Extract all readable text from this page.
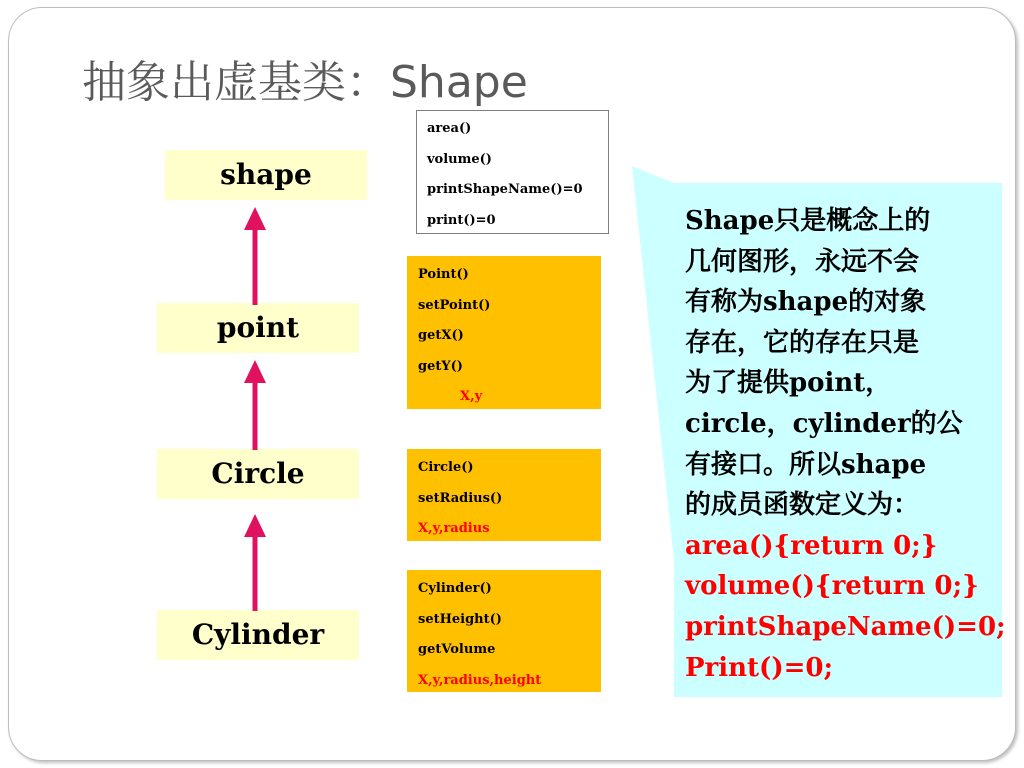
抽象出虚基类：Shape
shape
point
Circle
Cylinder
area()
volume()
printShapeName()=0
print()=0
Point()
setPoint()
getX()
getY()
X,y
Circle()
setRadius()
X,y,radius
Cylinder()
setHeight()
getVolume
X,y,radius,height
Shape只是概念上的
几何图形，永远不会
有称为shape的对象
存在，它的存在只是
为了提供point，
circle，cylinder的公
有接口。所以shape
的成员函数定义为：
area(){return 0;}
volume(){return 0;}
printShapeName()=0;
Print()=0;
